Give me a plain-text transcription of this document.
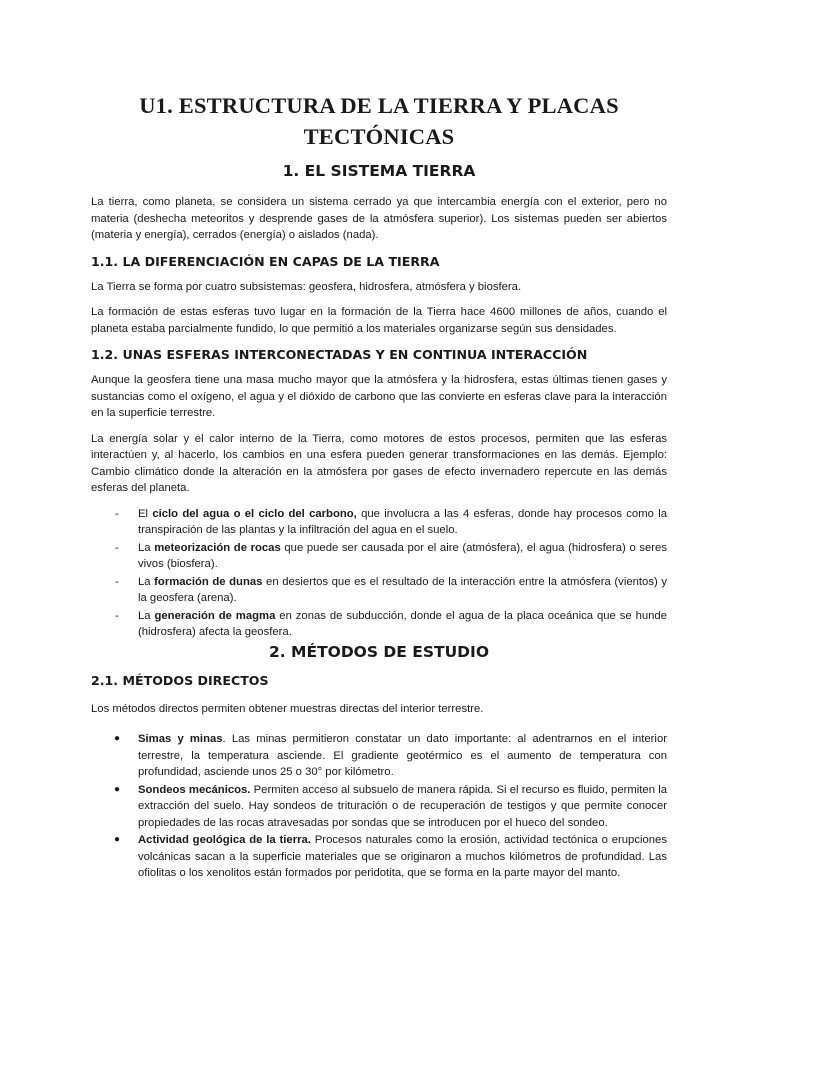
U1. ESTRUCTURA DE LA TIERRA Y PLACAS
TECTÓNICAS
1. EL SISTEMA TIERRA

La tierra, como planeta, se considera un sistema cerrado ya que intercambia energía con el exterior, pero no materia (deshecha meteoritos y desprende gases de la atmósfera superior). Los sistemas pueden ser abiertos (materia y energía), cerrados (energía) o aislados (nada).

1.1. LA DIFERENCIACIÓN EN CAPAS DE LA TIERRA

La Tierra se forma por cuatro subsistemas: geosfera, hidrosfera, atmósfera y biosfera.

La formación de estas esferas tuvo lugar en la formación de la Tierra hace 4600 millones de años, cuando el planeta estaba parcialmente fundido, lo que permitió a los materiales organizarse según sus densidades.

1.2. UNAS ESFERAS INTERCONECTADAS Y EN CONTINUA INTERACCIÓN

Aunque la geosfera tiene una masa mucho mayor que la atmósfera y la hidrosfera, estas últimas tienen gases y sustancias como el oxígeno, el agua y el dióxido de carbono que las convierte en esferas clave para la interacción en la superficie terrestre.

La energía solar y el calor interno de la Tierra, como motores de estos procesos, permiten que las esferas interactúen y, al hacerlo, los cambios en una esfera pueden generar transformaciones en las demás. Ejemplo: Cambio climático donde la alteración en la atmósfera por gases de efecto invernadero repercute en las demás esferas del planeta.

- El ciclo del agua o el ciclo del carbono, que involucra a las 4 esferas, donde hay procesos como la transpiración de las plantas y la infiltración del agua en el suelo.
- La meteorización de rocas que puede ser causada por el aire (atmósfera), el agua (hidrosfera) o seres vivos (biosfera).
- La formación de dunas en desiertos que es el resultado de la interacción entre la atmósfera (vientos) y la geosfera (arena).
- La generación de magma en zonas de subducción, donde el agua de la placa oceánica que se hunde (hidrosfera) afecta la geosfera.
2. MÉTODOS DE ESTUDIO
2.1. MÉTODOS DIRECTOS

Los métodos directos permiten obtener muestras directas del interior terrestre.

● Simas y minas. Las minas permitieron constatar un dato importante: al adentrarnos en el interior terrestre, la temperatura asciende. El gradiente geotérmico es el aumento de temperatura con profundidad, asciende unos 25 o 30° por kilómetro.
● Sondeos mecánicos. Permiten acceso al subsuelo de manera rápida. Si el recurso es fluido, permiten la extracción del suelo. Hay sondeos de trituración o de recuperación de testigos y que permite conocer propiedades de las rocas atravesadas por sondas que se introducen por el hueco del sondeo.
● Actividad geológica de la tierra. Procesos naturales como la erosión, actividad tectónica o erupciones volcánicas sacan a la superficie materiales que se originaron a muchos kilómetros de profundidad. Las ofiolitas o los xenolitos están formados por peridotita, que se forma en la parte mayor del manto.
